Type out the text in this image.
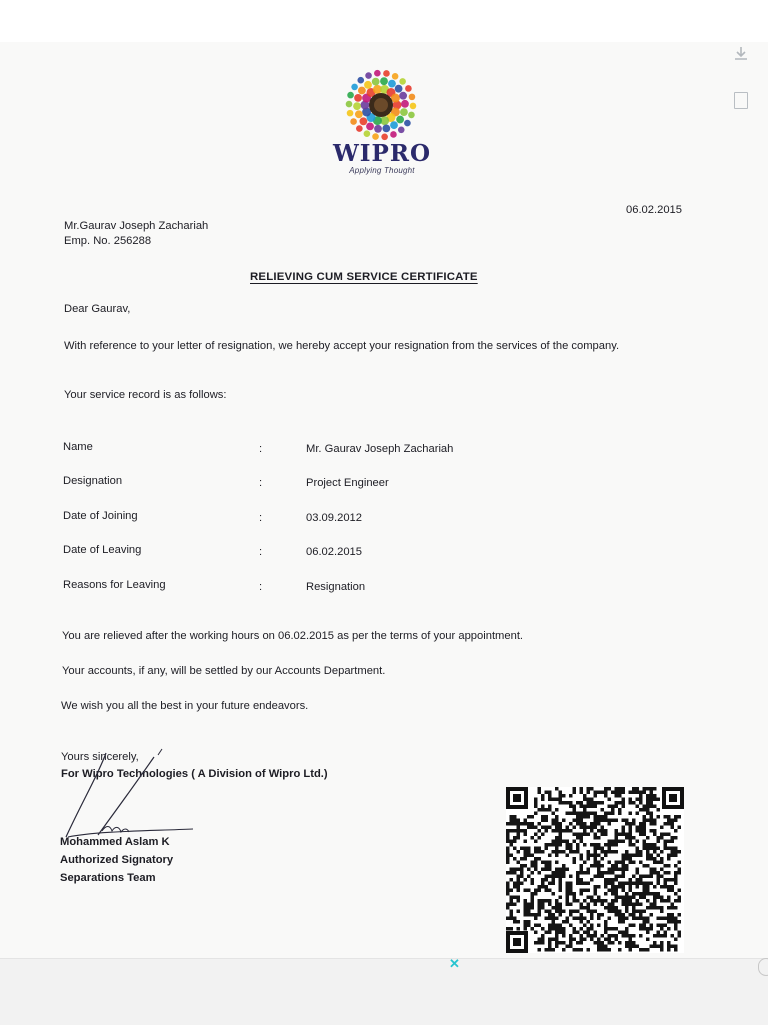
✕
WIPRO
Applying Thought
06.02.2015
Mr.Gaurav Joseph Zachariah
Emp. No. 256288
RELIEVING CUM SERVICE CERTIFICATE
Dear Gaurav,
With reference to your letter of resignation, we hereby accept your resignation from the services of the company.
Your service record is as follows:
Name	:	Mr. Gaurav Joseph Zachariah
Designation	:	Project Engineer
Date of Joining	:	03.09.2012
Date of Leaving	:	06.02.2015
Reasons for Leaving	:	Resignation
You are relieved after the working hours on 06.02.2015 as per the terms of your appointment.
Your accounts, if any, will be settled by our Accounts Department.
We wish you all the best in your future endeavors.
Yours sincerely,
For Wipro Technologies ( A Division of Wipro Ltd.)
Mohammed Aslam K
Authorized Signatory
Separations Team
